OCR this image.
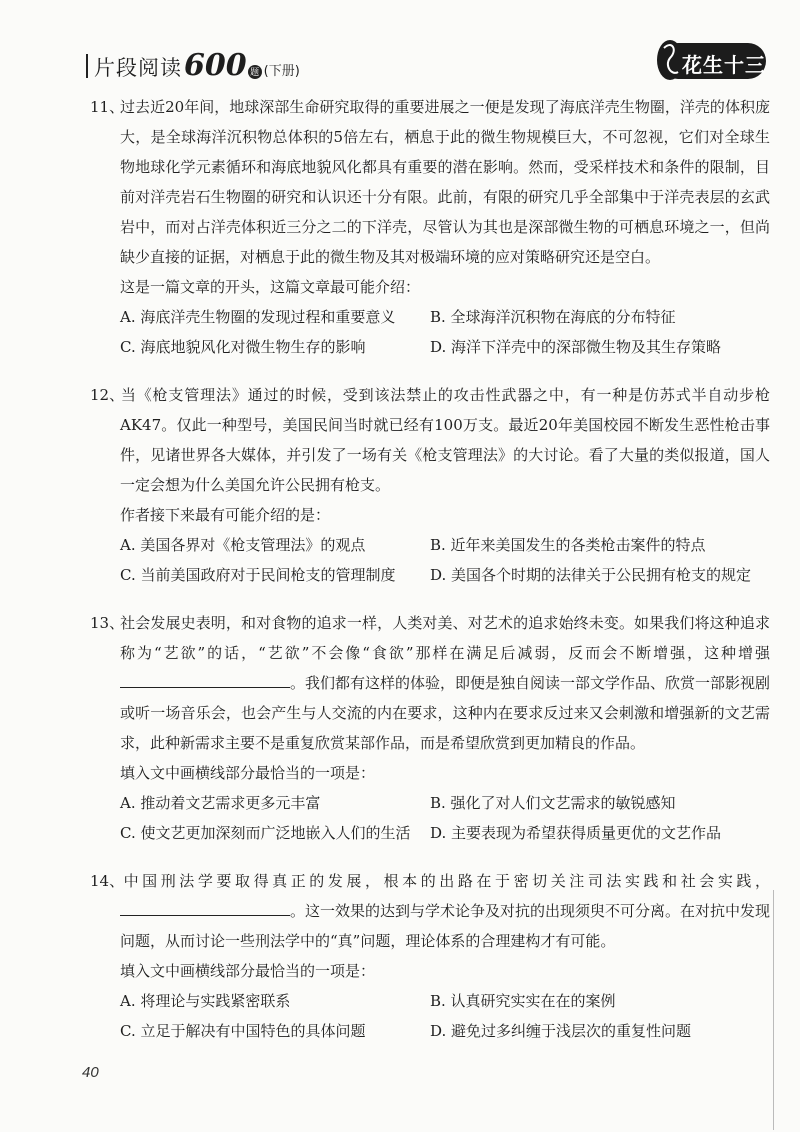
片段阅读 600 题 (下册)	花生十三

11、过去近20年间，地球深部生命研究取得的重要进展之一便是发现了海底洋壳生物圈，洋壳的体积庞大，是全球海洋沉积物总体积的5倍左右，栖息于此的微生物规模巨大，不可忽视，它们对全球生物地球化学元素循环和海底地貌风化都具有重要的潜在影响。然而，受采样技术和条件的限制，目前对洋壳岩石生物圈的研究和认识还十分有限。此前，有限的研究几乎全部集中于洋壳表层的玄武岩中，而对占洋壳体积近三分之二的下洋壳，尽管认为其也是深部微生物的可栖息环境之一，但尚缺少直接的证据，对栖息于此的微生物及其对极端环境的应对策略研究还是空白。

这是一篇文章的开头，这篇文章最可能介绍：

A. 海底洋壳生物圈的发现过程和重要意义	B. 全球海洋沉积物在海底的分布特征
C. 海底地貌风化对微生物生存的影响	D. 海洋下洋壳中的深部微生物及其生存策略

12、当《枪支管理法》通过的时候，受到该法禁止的攻击性武器之中，有一种是仿苏式半自动步枪AK47。仅此一种型号，美国民间当时就已经有100万支。最近20年美国校园不断发生恶性枪击事件，见诸世界各大媒体，并引发了一场有关《枪支管理法》的大讨论。看了大量的类似报道，国人一定会想为什么美国允许公民拥有枪支。

作者接下来最有可能介绍的是：

A. 美国各界对《枪支管理法》的观点	B. 近年来美国发生的各类枪击案件的特点
C. 当前美国政府对于民间枪支的管理制度	D. 美国各个时期的法律关于公民拥有枪支的规定

13、社会发展史表明，和对食物的追求一样，人类对美、对艺术的追求始终未变。如果我们将这种追求称为“艺欲”的话，“艺欲”不会像“食欲”那样在满足后减弱，反而会不断增强，这种增强。我们都有这样的体验，即便是独自阅读一部文学作品、欣赏一部影视剧或听一场音乐会，也会产生与人交流的内在要求，这种内在要求反过来又会刺激和增强新的文艺需求，此种新需求主要不是重复欣赏某部作品，而是希望欣赏到更加精良的作品。

填入文中画横线部分最恰当的一项是：

A. 推动着文艺需求更多元丰富	B. 强化了对人们文艺需求的敏锐感知
C. 使文艺更加深刻而广泛地嵌入人们的生活	D. 主要表现为希望获得质量更优的文艺作品

14、中国刑法学要取得真正的发展，根本的出路在于密切关注司法实践和社会实践，。这一效果的达到与学术论争及对抗的出现须臾不可分离。在对抗中发现问题，从而讨论一些刑法学中的“真”问题，理论体系的合理建构才有可能。

填入文中画横线部分最恰当的一项是：

A. 将理论与实践紧密联系	B. 认真研究实实在在的案例
C. 立足于解决有中国特色的具体问题	D. 避免过多纠缠于浅层次的重复性问题
40
